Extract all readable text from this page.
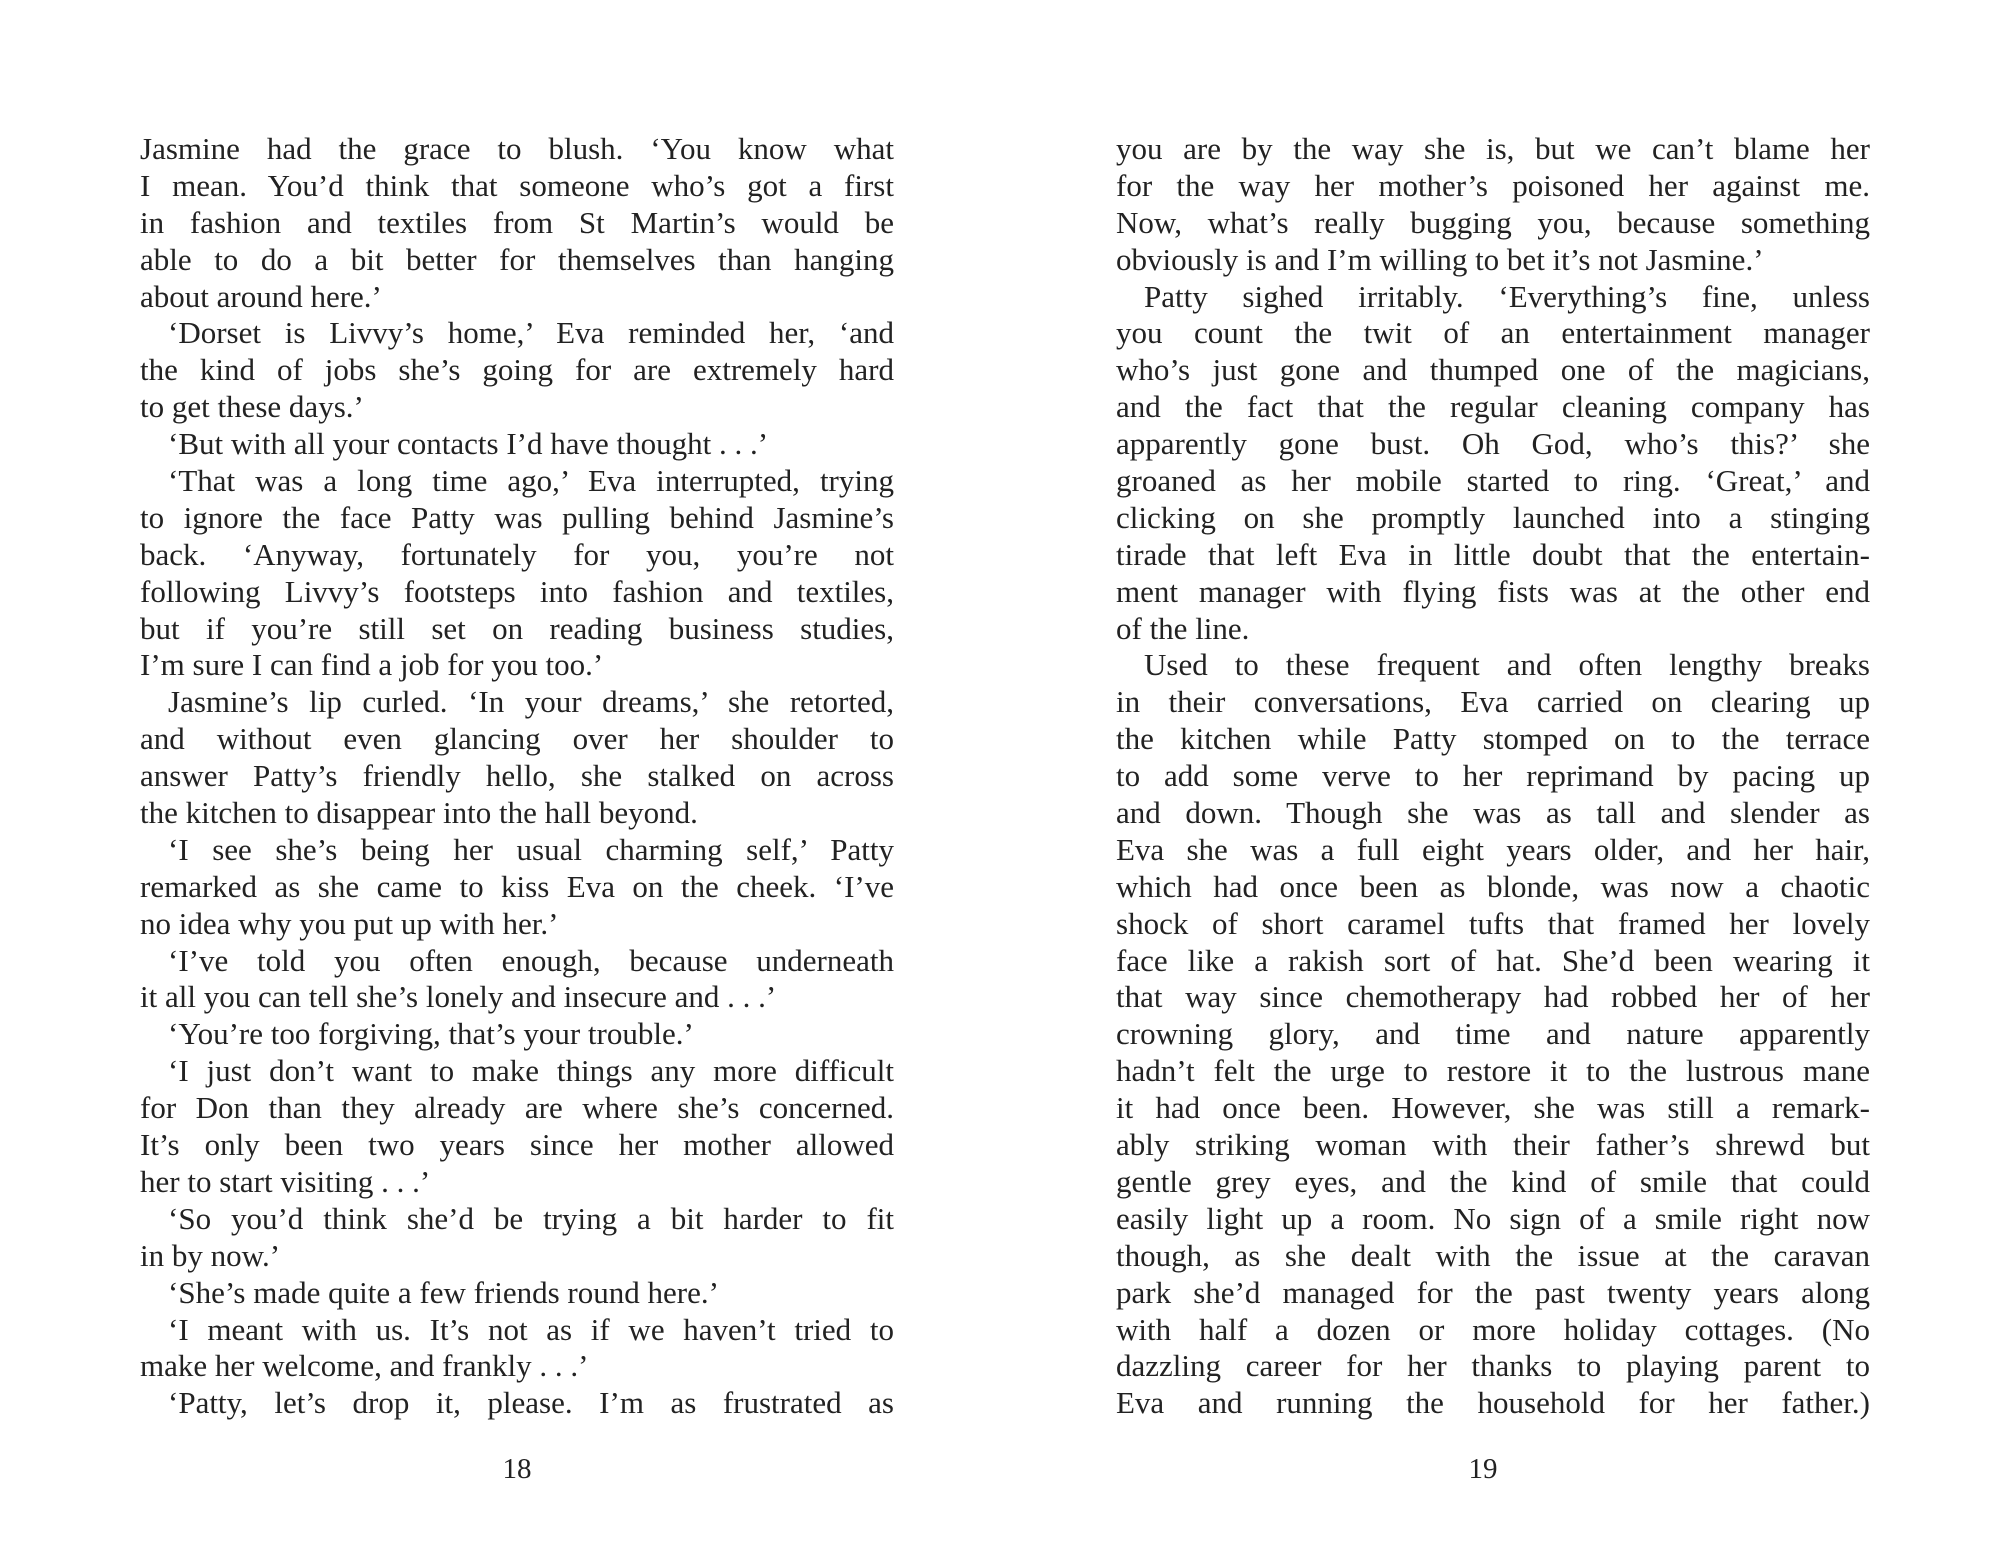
Jasmine had the grace to blush. ‘You know what
I mean. You’d think that someone who’s got a first
in fashion and textiles from St Martin’s would be
able to do a bit better for themselves than hanging
about around here.’
‘Dorset is Livvy’s home,’ Eva reminded her, ‘and
the kind of jobs she’s going for are extremely hard
to get these days.’
‘But with all your contacts I’d have thought . . .’
‘That was a long time ago,’ Eva interrupted, trying
to ignore the face Patty was pulling behind Jasmine’s
back. ‘Anyway, fortunately for you, you’re not
following Livvy’s footsteps into fashion and textiles,
but if you’re still set on reading business studies,
I’m sure I can find a job for you too.’
Jasmine’s lip curled. ‘In your dreams,’ she retorted,
and without even glancing over her shoulder to
answer Patty’s friendly hello, she stalked on across
the kitchen to disappear into the hall beyond.
‘I see she’s being her usual charming self,’ Patty
remarked as she came to kiss Eva on the cheek. ‘I’ve
no idea why you put up with her.’
‘I’ve told you often enough, because underneath
it all you can tell she’s lonely and insecure and . . .’
‘You’re too forgiving, that’s your trouble.’
‘I just don’t want to make things any more difficult
for Don than they already are where she’s concerned.
It’s only been two years since her mother allowed
her to start visiting . . .’
‘So you’d think she’d be trying a bit harder to fit
in by now.’
‘She’s made quite a few friends round here.’
‘I meant with us. It’s not as if we haven’t tried to
make her welcome, and frankly . . .’
‘Patty, let’s drop it, please. I’m as frustrated as
18
you are by the way she is, but we can’t blame her
for the way her mother’s poisoned her against me.
Now, what’s really bugging you, because something
obviously is and I’m willing to bet it’s not Jasmine.’
Patty sighed irritably. ‘Everything’s fine, unless
you count the twit of an entertainment manager
who’s just gone and thumped one of the magicians,
and the fact that the regular cleaning company has
apparently gone bust. Oh God, who’s this?’ she
groaned as her mobile started to ring. ‘Great,’ and
clicking on she promptly launched into a stinging
tirade that left Eva in little doubt that the entertain-
ment manager with flying fists was at the other end
of the line.
Used to these frequent and often lengthy breaks
in their conversations, Eva carried on clearing up
the kitchen while Patty stomped on to the terrace
to add some verve to her reprimand by pacing up
and down. Though she was as tall and slender as
Eva she was a full eight years older, and her hair,
which had once been as blonde, was now a chaotic
shock of short caramel tufts that framed her lovely
face like a rakish sort of hat. She’d been wearing it
that way since chemotherapy had robbed her of her
crowning glory, and time and nature apparently
hadn’t felt the urge to restore it to the lustrous mane
it had once been. However, she was still a remark-
ably striking woman with their father’s shrewd but
gentle grey eyes, and the kind of smile that could
easily light up a room. No sign of a smile right now
though, as she dealt with the issue at the caravan
park she’d managed for the past twenty years along
with half a dozen or more holiday cottages. (No
dazzling career for her thanks to playing parent to
Eva and running the household for her father.)
19
